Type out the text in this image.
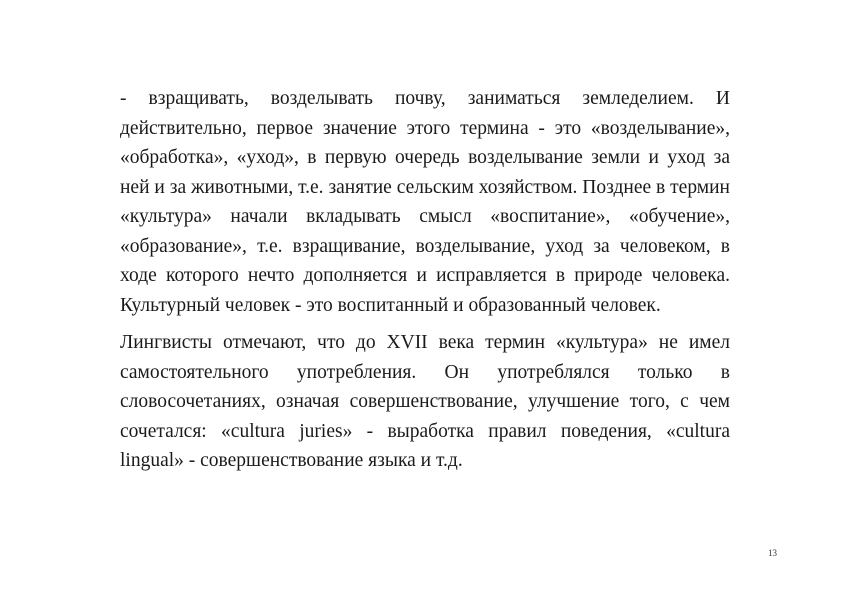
- взращивать, возделывать почву, заниматься земледелием. И действительно, первое значение этого термина - это «возделывание», «обработка», «уход», в первую очередь возделывание земли и уход за ней и за животными, т.е. занятие сельским хозяйством. Позднее в термин «культура» начали вкладывать смысл «воспитание», «обучение», «образование», т.е. взращивание, возделывание, уход за человеком, в ходе которого нечто дополняется и исправляется в природе человека. Культурный человек - это воспитанный и образованный человек.

Лингвисты отмечают, что до XVII века термин «культура» не имел самостоятельного употребления. Он употреблялся только в словосочетаниях, означая совершенствование, улучшение того, с чем сочетался: «cultura juries» - выработка правил поведения, «cultura lingual» - совершенствование языка и т.д.

13
